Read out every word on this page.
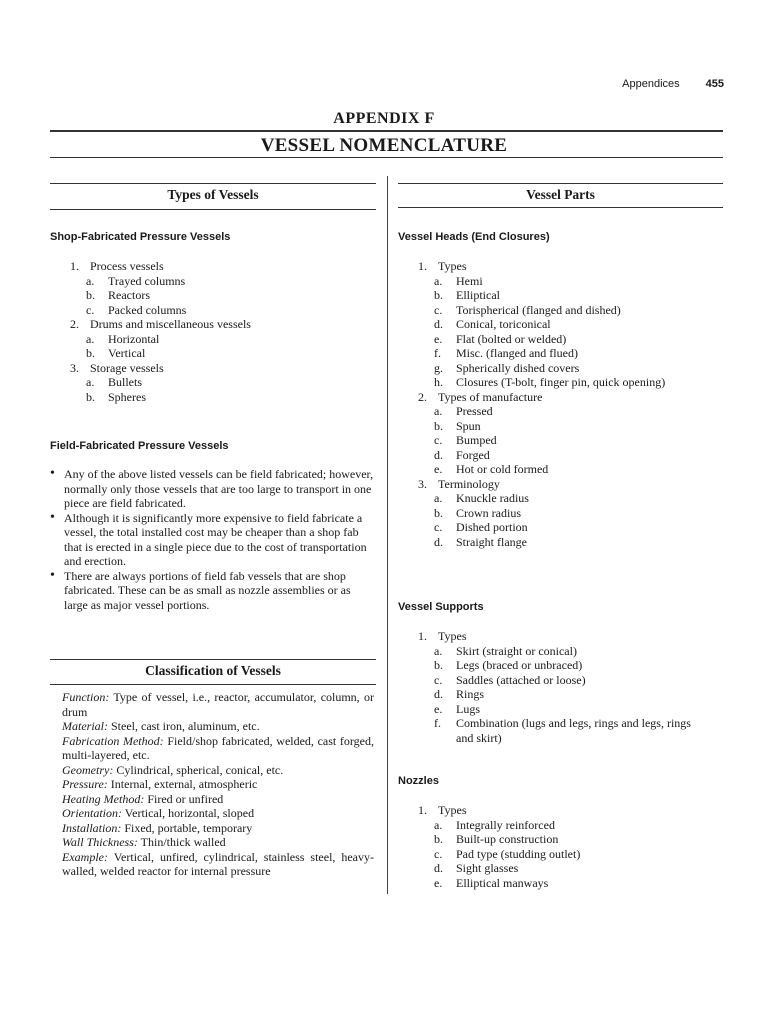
Appendices 455
APPENDIX F
VESSEL NOMENCLATURE
Types of Vessels
Shop-Fabricated Pressure Vessels
1. Process vessels
a. Trayed columns
b. Reactors
c. Packed columns
2. Drums and miscellaneous vessels
a. Horizontal
b. Vertical
3. Storage vessels
a. Bullets
b. Spheres
Field-Fabricated Pressure Vessels
• Any of the above listed vessels can be field fabricated; however, normally only those vessels that are too large to transport in one piece are field fabricated.
• Although it is significantly more expensive to field fabricate a vessel, the total installed cost may be cheaper than a shop fab that is erected in a single piece due to the cost of transportation and erection.
• There are always portions of field fab vessels that are shop fabricated. These can be as small as nozzle assemblies or as large as major vessel portions.
Classification of Vessels
Function: Type of vessel, i.e., reactor, accumulator, column, or drum
Material: Steel, cast iron, aluminum, etc.
Fabrication Method: Field/shop fabricated, welded, cast forged, multi-layered, etc.
Geometry: Cylindrical, spherical, conical, etc.
Pressure: Internal, external, atmospheric
Heating Method: Fired or unfired
Orientation: Vertical, horizontal, sloped
Installation: Fixed, portable, temporary
Wall Thickness: Thin/thick walled
Example: Vertical, unfired, cylindrical, stainless steel, heavy-walled, welded reactor for internal pressure
Vessel Parts
Vessel Heads (End Closures)
1. Types
a. Hemi
b. Elliptical
c. Torispherical (flanged and dished)
d. Conical, toriconical
e. Flat (bolted or welded)
f. Misc. (flanged and flued)
g. Spherically dished covers
h. Closures (T-bolt, finger pin, quick opening)
2. Types of manufacture
a. Pressed
b. Spun
c. Bumped
d. Forged
e. Hot or cold formed
3. Terminology
a. Knuckle radius
b. Crown radius
c. Dished portion
d. Straight flange
Vessel Supports
1. Types
a. Skirt (straight or conical)
b. Legs (braced or unbraced)
c. Saddles (attached or loose)
d. Rings
e. Lugs
f. Combination (lugs and legs, rings and legs, rings
and skirt)
Nozzles
1. Types
a. Integrally reinforced
b. Built-up construction
c. Pad type (studding outlet)
d. Sight glasses
e. Elliptical manways
